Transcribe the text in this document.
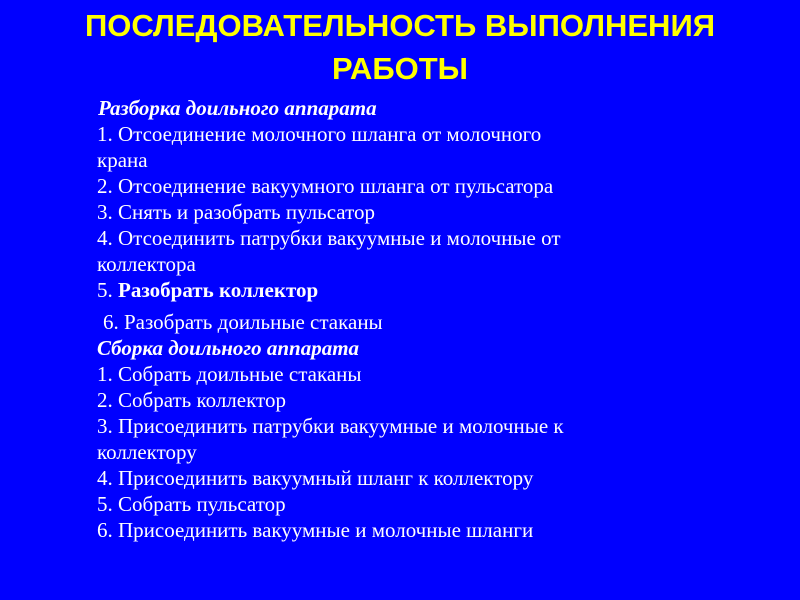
ПОСЛЕДОВАТЕЛЬНОСТЬ ВЫПОЛНЕНИЯ
РАБОТЫ
Разборка доильного аппарата
1. Отсоединение молочного шланга от молочного
крана
2. Отсоединение вакуумного шланга от пульсатора
3. Снять и разобрать пульсатор
4. Отсоединить патрубки вакуумные и молочные от
коллектора
5. Разобрать коллектор
6. Разобрать доильные стаканы
Сборка доильного аппарата
1. Собрать доильные стаканы
2. Собрать коллектор
3. Присоединить патрубки вакуумные и молочные к
коллектору
4. Присоединить вакуумный шланг к коллектору
5. Собрать пульсатор
6. Присоединить вакуумные и молочные шланги
